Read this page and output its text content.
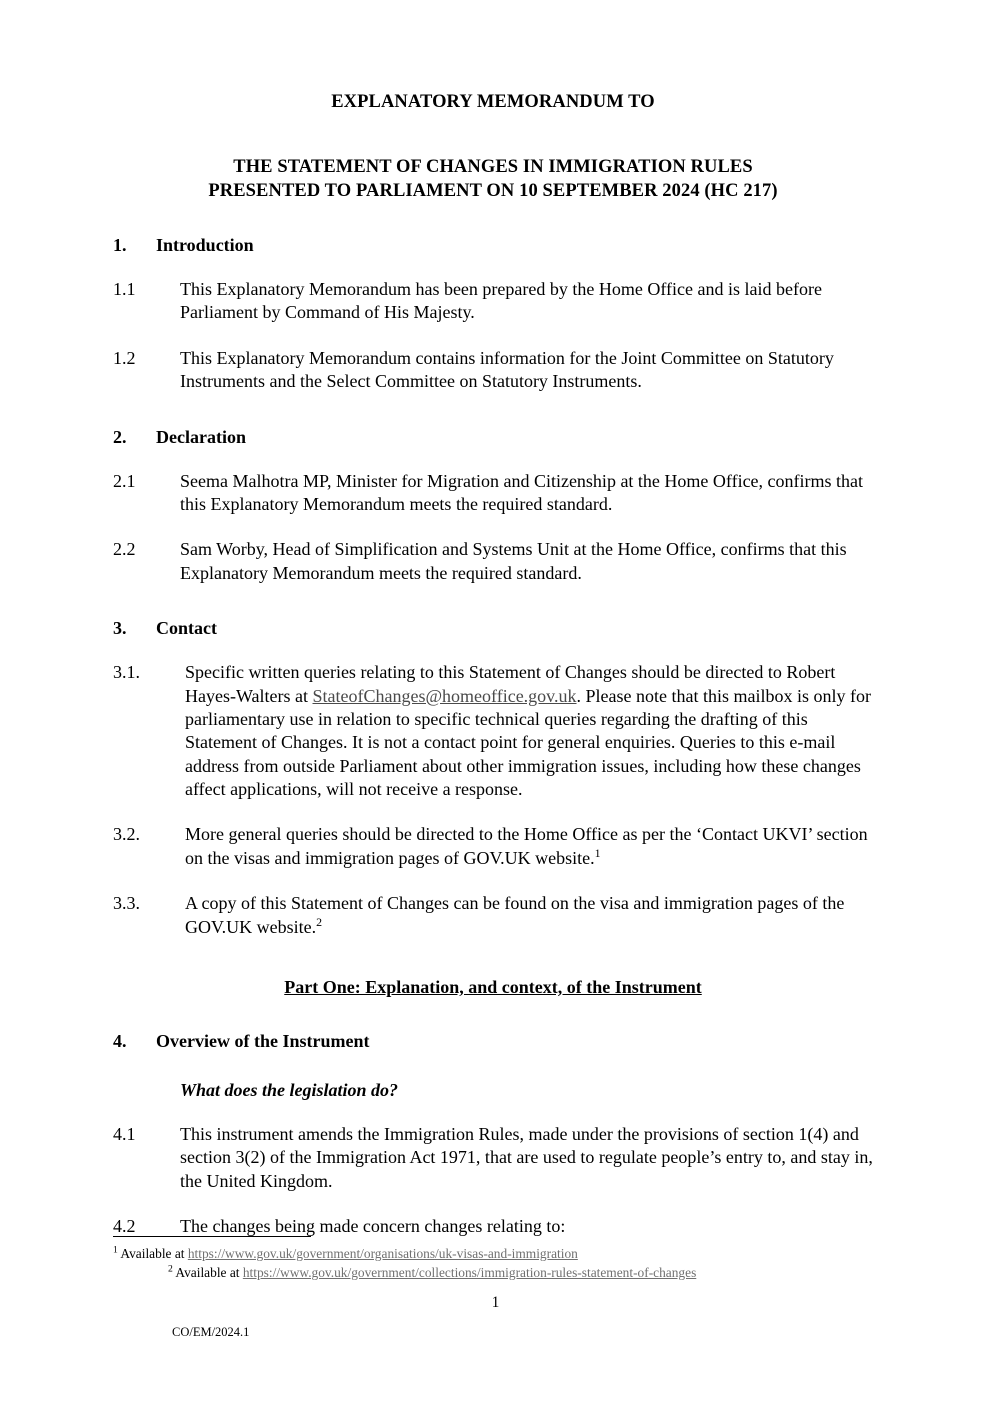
EXPLANATORY MEMORANDUM TO
THE STATEMENT OF CHANGES IN IMMIGRATION RULES
PRESENTED TO PARLIAMENT ON 10 SEPTEMBER 2024 (HC 217)
1.	Introduction
1.1	This Explanatory Memorandum has been prepared by the Home Office and is laid before Parliament by Command of His Majesty.
1.2	This Explanatory Memorandum contains information for the Joint Committee on Statutory Instruments and the Select Committee on Statutory Instruments.
2.	Declaration
2.1	Seema Malhotra MP, Minister for Migration and Citizenship at the Home Office, confirms that this Explanatory Memorandum meets the required standard.
2.2	Sam Worby, Head of Simplification and Systems Unit at the Home Office, confirms that this Explanatory Memorandum meets the required standard.
3.	Contact
3.1.	Specific written queries relating to this Statement of Changes should be directed to Robert Hayes-Walters at StateofChanges@homeoffice.gov.uk. Please note that this mailbox is only for parliamentary use in relation to specific technical queries regarding the drafting of this Statement of Changes. It is not a contact point for general enquiries. Queries to this e-mail address from outside Parliament about other immigration issues, including how these changes affect applications, will not receive a response.
3.2.	More general queries should be directed to the Home Office as per the ‘Contact UKVI’ section on the visas and immigration pages of GOV.UK website.$^1$
3.3.	A copy of this Statement of Changes can be found on the visa and immigration pages of the GOV.UK website.$^2$
Part One: Explanation, and context, of the Instrument
4.	Overview of the Instrument
What does the legislation do?
4.1	This instrument amends the Immigration Rules, made under the provisions of section 1(4) and section 3(2) of the Immigration Act 1971, that are used to regulate people’s entry to, and stay in, the United Kingdom.
4.2	The changes being made concern changes relating to:
$^1$ Available at https://www.gov.uk/government/organisations/uk-visas-and-immigration
$^2$ Available at https://www.gov.uk/government/collections/immigration-rules-statement-of-changes
1
CO/EM/2024.1
